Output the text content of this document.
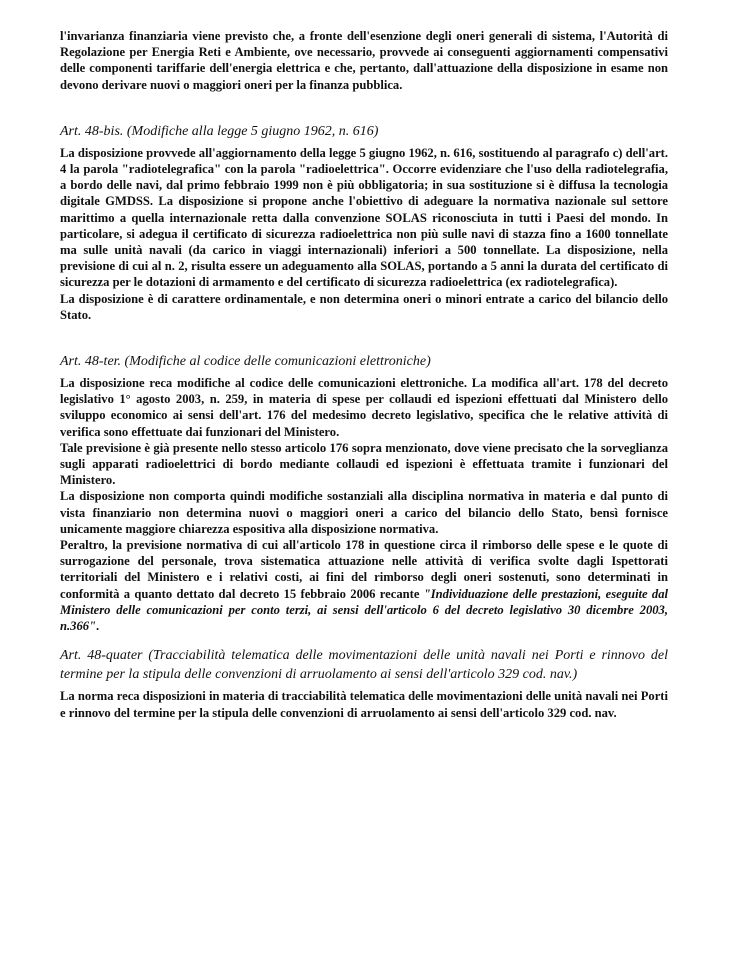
l'invarianza finanziaria viene previsto che, a fronte dell'esenzione degli oneri generali di sistema, l'Autorità di Regolazione per Energia Reti e Ambiente, ove necessario, provvede ai conseguenti aggiornamenti compensativi delle componenti tariffarie dell'energia elettrica e che, pertanto, dall'attuazione della disposizione in esame non devono derivare nuovi o maggiori oneri per la finanza pubblica.

Art. 48-bis. (Modifiche alla legge 5 giugno 1962, n. 616)

La disposizione provvede all'aggiornamento della legge 5 giugno 1962, n. 616, sostituendo al paragrafo c) dell'art. 4 la parola "radiotelegrafica" con la parola "radioelettrica". Occorre evidenziare che l'uso della radiotelegrafia, a bordo delle navi, dal primo febbraio 1999 non è più obbligatoria; in sua sostituzione si è diffusa la tecnologia digitale GMDSS. La disposizione si propone anche l'obiettivo di adeguare la normativa nazionale sul settore marittimo a quella internazionale retta dalla convenzione SOLAS riconosciuta in tutti i Paesi del mondo. In particolare, si adegua il certificato di sicurezza radioelettrica non più sulle navi di stazza fino a 1600 tonnellate ma sulle unità navali (da carico in viaggi internazionali) inferiori a 500 tonnellate. La disposizione, nella previsione di cui al n. 2, risulta essere un adeguamento alla SOLAS, portando a 5 anni la durata del certificato di sicurezza per le dotazioni di armamento e del certificato di sicurezza radioelettrica (ex radiotelegrafica).

La disposizione è di carattere ordinamentale, e non determina oneri o minori entrate a carico del bilancio dello Stato.

Art. 48-ter. (Modifiche al codice delle comunicazioni elettroniche)

La disposizione reca modifiche al codice delle comunicazioni elettroniche. La modifica all'art. 178 del decreto legislativo 1° agosto 2003, n. 259, in materia di spese per collaudi ed ispezioni effettuati dal Ministero dello sviluppo economico ai sensi dell'art. 176 del medesimo decreto legislativo, specifica che le relative attività di verifica sono effettuate dai funzionari del Ministero.

Tale previsione è già presente nello stesso articolo 176 sopra menzionato, dove viene precisato che la sorveglianza sugli apparati radioelettrici di bordo mediante collaudi ed ispezioni è effettuata tramite i funzionari del Ministero.

La disposizione non comporta quindi modifiche sostanziali alla disciplina normativa in materia e dal punto di vista finanziario non determina nuovi o maggiori oneri a carico del bilancio dello Stato, bensì fornisce unicamente maggiore chiarezza espositiva alla disposizione normativa.

Peraltro, la previsione normativa di cui all'articolo 178 in questione circa il rimborso delle spese e le quote di surrogazione del personale, trova sistematica attuazione nelle attività di verifica svolte dagli Ispettorati territoriali del Ministero e i relativi costi, ai fini del rimborso degli oneri sostenuti, sono determinati in conformità a quanto dettato dal decreto 15 febbraio 2006 recante "Individuazione delle prestazioni, eseguite dal Ministero delle comunicazioni per conto terzi, ai sensi dell'articolo 6 del decreto legislativo 30 dicembre 2003, n.366".

Art. 48-quater (Tracciabilità telematica delle movimentazioni delle unità navali nei Porti e rinnovo del termine per la stipula delle convenzioni di arruolamento ai sensi dell'articolo 329 cod. nav.)

La norma reca disposizioni in materia di tracciabilità telematica delle movimentazioni delle unità navali nei Porti e rinnovo del termine per la stipula delle convenzioni di arruolamento ai sensi dell'articolo 329 cod. nav.
